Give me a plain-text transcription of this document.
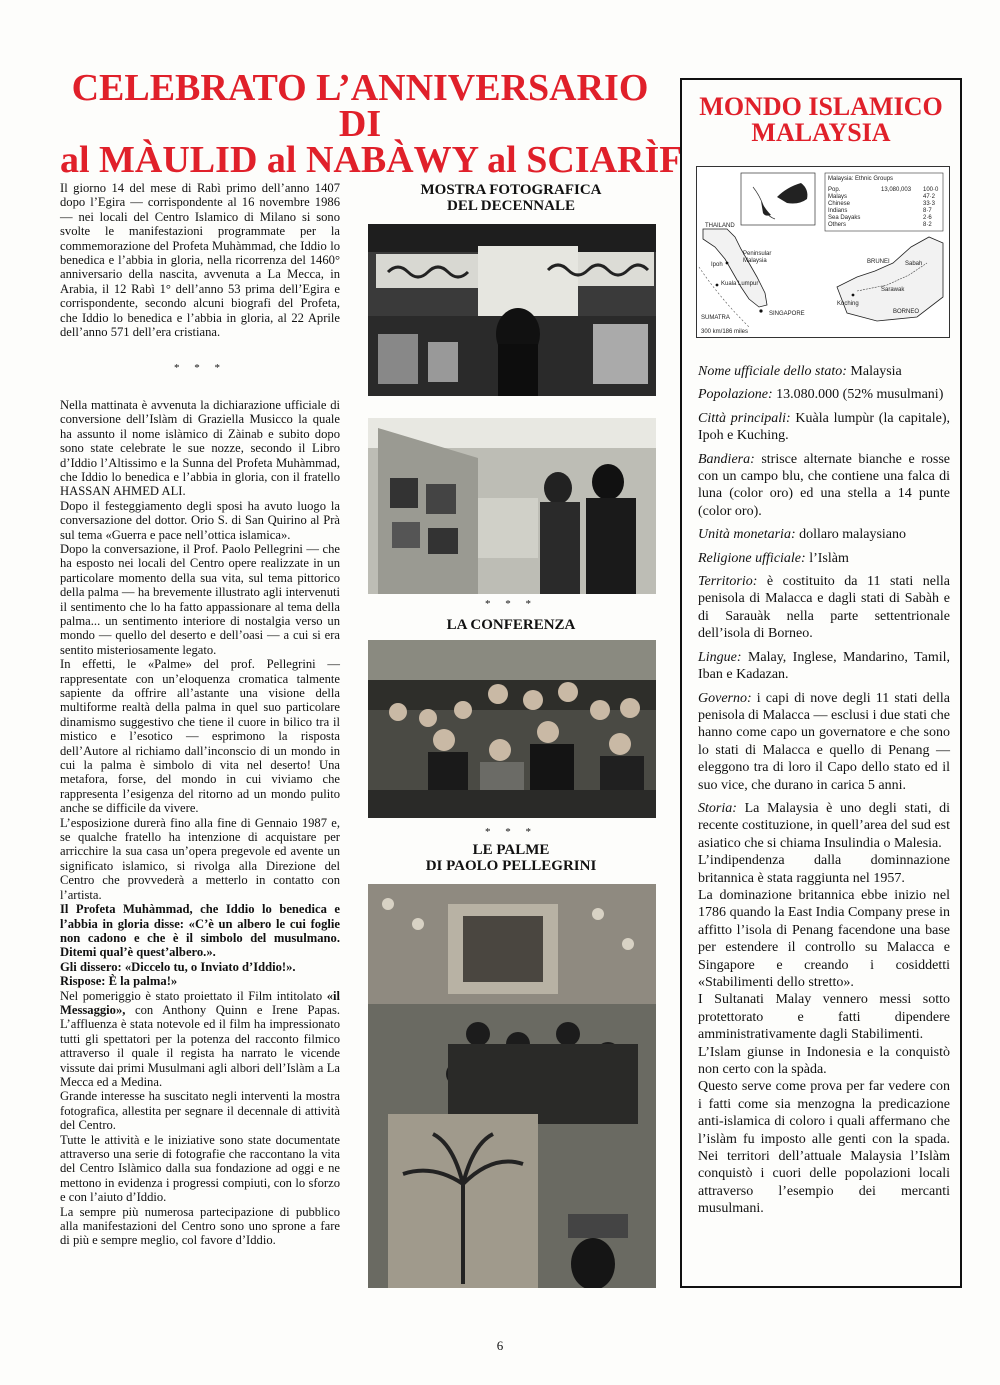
CELEBRATO L’ANNIVERSARIO
DI
al MÀULID al NABÀWY al SCIARÌF

Il giorno 14 del mese di Rabì primo dell’anno 1407 dopo l’Egira — corrispondente al 16 novembre 1986 — nei locali del Centro Islamico di Milano si sono svolte le manifestazioni programmate per la commemorazione del Profeta Muhàmmad, che Iddio lo benedica e l’abbia in gloria, nella ricorrenza del 1460° anniversario della nascita, avvenuta a La Mecca, in Arabia, il 12 Rabì 1° dell’anno 53 prima dell’Egira e corrispondente, secondo alcuni biografi del Profeta, che Iddio lo benedica e l’abbia in gloria, al 22 Aprile dell’anno 571 dell’era cristiana.

* * *

Nella mattinata è avvenuta la dichiarazione ufficiale di conversione dell’Islàm di Graziella Musicco la quale ha assunto il nome islàmico di Zàinab e subito dopo sono state celebrate le sue nozze, secondo il Libro d’Iddio l’Altissimo e la Sunna del Profeta Muhàmmad, che Iddio lo benedica e l’abbia in gloria, con il fratello HASSAN AHMED ALI.

Dopo il festeggiamento degli sposi ha avuto luogo la conversazione del dottor. Orio S. di San Quirino al Prà sul tema «Guerra e pace nell’ottica islamica».

Dopo la conversazione, il Prof. Paolo Pellegrini — che ha esposto nei locali del Centro opere realizzate in un particolare momento della sua vita, sul tema pittorico della palma — ha brevemente illustrato agli intervenuti il sentimento che lo ha fatto appassionare al tema della palma... un sentimento interiore di nostalgia verso un mondo — quello del deserto e dell’oasi — a cui si era sentito misteriosamente legato.

In effetti, le «Palme» del prof. Pellegrini — rappresentate con un’eloquenza cromatica talmente sapiente da offrire all’astante una visione della multiforme realtà della palma in quel suo particolare dinamismo suggestivo che tiene il cuore in bilico tra il mistico e l’esotico — esprimono la risposta dell’Autore al richiamo dall’inconscio di un mondo in cui la palma è simbolo di vita nel deserto! Una metafora, forse, del mondo in cui viviamo che rappresenta l’esigenza del ritorno ad un mondo pulito anche se difficile da vivere.

L’esposizione durerà fino alla fine di Gennaio 1987 e, se qualche fratello ha intenzione di acquistare per arricchire la sua casa un’opera pregevole ed avente un significato islamico, si rivolga alla Direzione del Centro che provvederà a metterlo in contatto con l’artista.

Il Profeta Muhàmmad, che Iddio lo benedica e l’abbia in gloria disse: «C’è un albero le cui foglie non cadono e che è il simbolo del musulmano. Ditemi qual’è quest’albero.».

Gli dissero: «Diccelo tu, o Inviato d’Iddio!».

Rispose: È la palma!»

Nel pomeriggio è stato proiettato il Film intitolato «il Messaggio», con Anthony Quinn e Irene Papas. L’affluenza è stata notevole ed il film ha impressionato tutti gli spettatori per la potenza del racconto filmico attraverso il quale il regista ha narrato le vicende vissute dai primi Musulmani agli albori dell’Islàm a La Mecca ed a Medina.

Grande interesse ha suscitato negli interventi la mostra fotografica, allestita per segnare il decennale di attività del Centro.

Tutte le attività e le iniziative sono state documentate attraverso una serie di fotografie che raccontano la vita del Centro Islàmico dalla sua fondazione ad oggi e ne mettono in evidenza i progressi compiuti, con lo sforzo e con l’aiuto d’Iddio.

La sempre più numerosa partecipazione di pubblico alla manifestazioni del Centro sono uno sprone a fare di più e sempre meglio, col favore d’Iddio.

MOSTRA FOTOGRAFICA
DEL DECENNALE
* * *
LA CONFERENZA
* * *
LE PALME
DI PAOLO PELLEGRINI
MONDO ISLAMICO
MALAYSIA
Malaysia: Ethnic Groups
Pop.	13,080,003 100·0
Malays	47·2
Chinese	33·3
Indians	8·7
Sea Dayaks	2·6
Others	8·2
THAILAND
Peninsular
Malaysia
Ipoh
Kuala Lumpur
SUMATRA
SINGAPORE
BRUNEI	Sabah
Sarawak
Kuching
BORNEO
300 km/186 miles

Nome ufficiale dello stato: Malaysia

Popolazione: 13.080.000 (52% musulmani)

Città principali: Kuàla lumpùr (la capitale), Ipoh e Kuching.

Bandiera: strisce alternate bianche e rosse con un campo blu, che contiene una falca di luna (color oro) ed una stella a 14 punte (color oro).

Unità monetaria: dollaro malaysiano

Religione ufficiale: l’Islàm

Territorio: è costituito da 11 stati nella penisola di Malacca e dagli stati di Sabàh e di Sarauàk nella parte settentrionale dell’isola di Borneo.

Lingue: Malay, Inglese, Mandarino, Tamil, Iban e Kadazan.

Governo: i capi di nove degli 11 stati della penisola di Malacca — esclusi i due stati che hanno come capo un governatore e che sono lo stati di Malacca e quello di Penang — eleggono tra di loro il Capo dello stato ed il suo vice, che durano in carica 5 anni.

Storia: La Malaysia è uno degli stati, di recente costituzione, in quell’area del sud est asiatico che si chiama Insulindia o Malesia.

L’indipendenza dalla dominnazione britannica è stata raggiunta nel 1957.

La dominazione britannica ebbe inizio nel 1786 quando la East India Company prese in affitto l’isola di Penang facendone una base per estendere il controllo su Malacca e Singapore e creando i cosiddetti «Stabilimenti dello stretto».

I Sultanati Malay vennero messi sotto protettorato e fatti dipendere amministrativamente dagli Stabilimenti.

L’Islam giunse in Indonesia e la conquistò non certo con la spàda.

Questo serve come prova per far vedere con i fatti come sia menzogna la predicazione anti-islamica di coloro i quali affermano che l’islàm fu imposto alle genti con la spada. Nei territori dell’attuale Malaysia l’Islàm conquistò i cuori delle popolazioni locali attraverso l’esempio dei mercanti musulmani.

6
